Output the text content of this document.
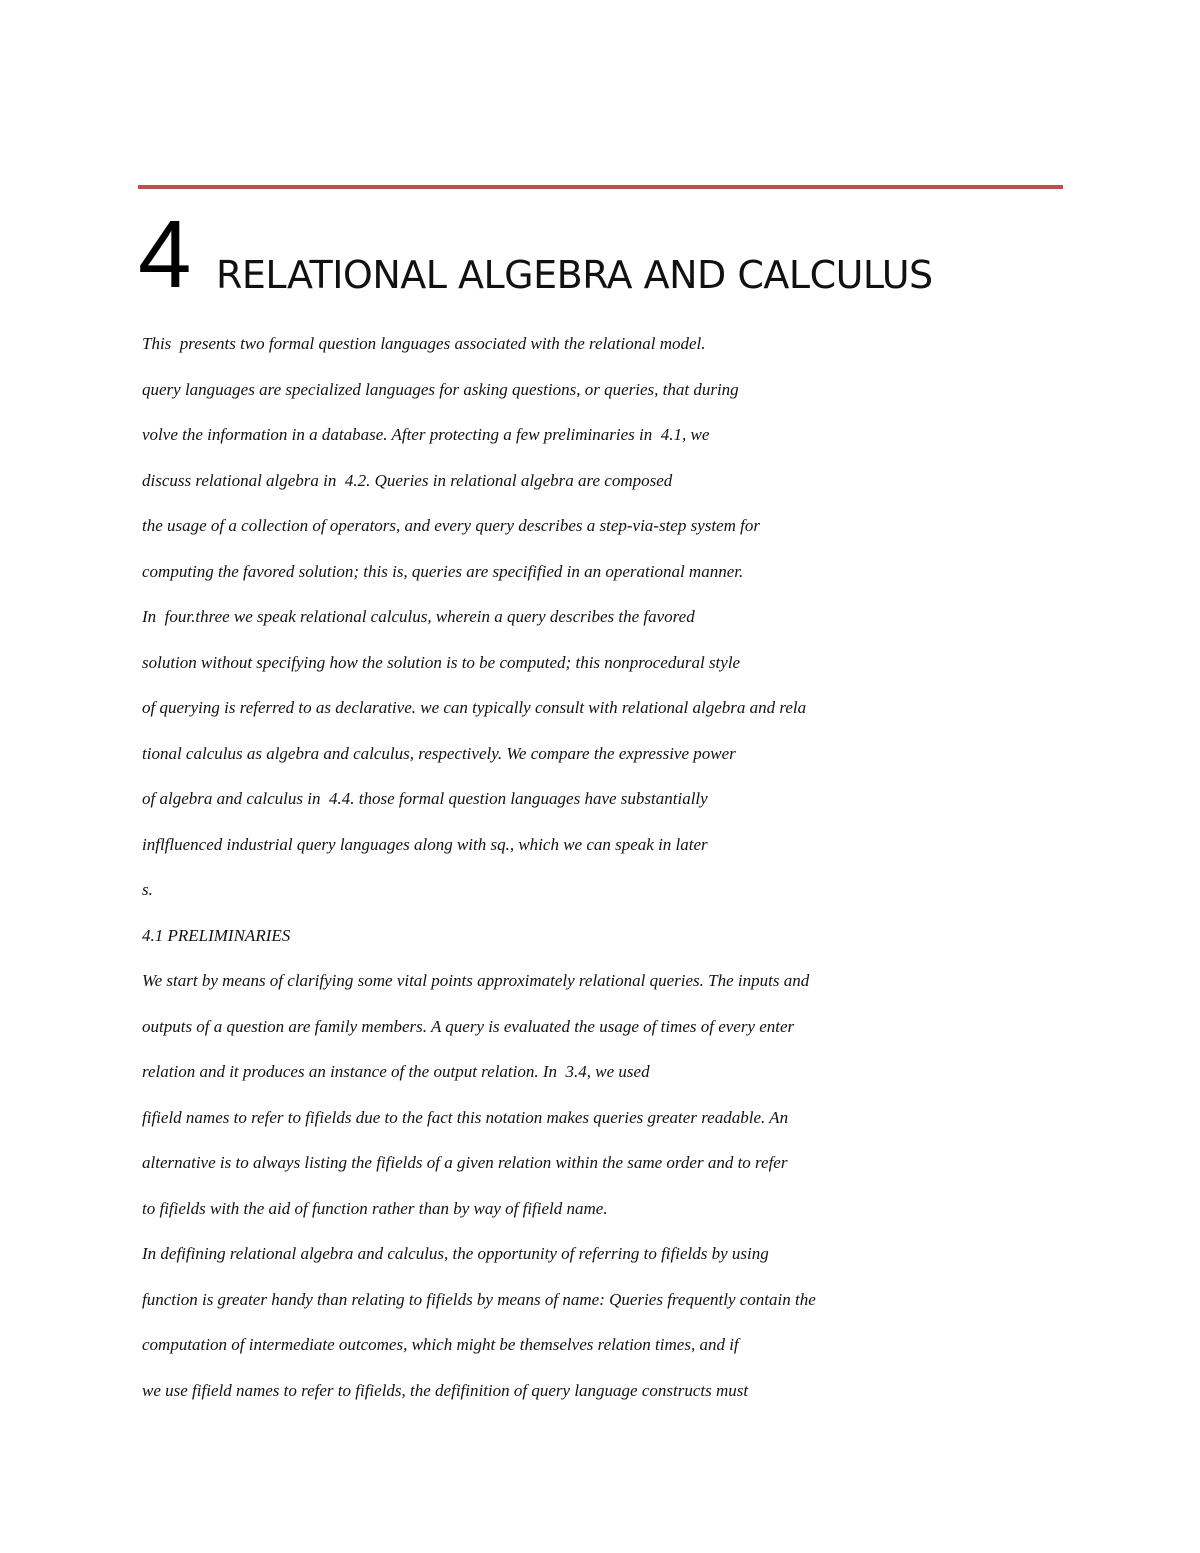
4 RELATIONAL ALGEBRA AND CALCULUS
This  presents two formal question languages associated with the relational model.
query languages are specialized languages for asking questions, or queries, that during
volve the information in a database. After protecting a few preliminaries in  4.1, we
discuss relational algebra in  4.2. Queries in relational algebra are composed
the usage of a collection of operators, and every query describes a step-via-step system for
computing the favored solution; this is, queries are specifified in an operational manner.
In  four.three we speak relational calculus, wherein a query describes the favored
solution without specifying how the solution is to be computed; this nonprocedural style
of querying is referred to as declarative. we can typically consult with relational algebra and rela
tional calculus as algebra and calculus, respectively. We compare the expressive power
of algebra and calculus in  4.4. those formal question languages have substantially
inflfluenced industrial query languages along with sq., which we can speak in later
s.
4.1 PRELIMINARIES
We start by means of clarifying some vital points approximately relational queries. The inputs and
outputs of a question are family members. A query is evaluated the usage of times of every enter
relation and it produces an instance of the output relation. In  3.4, we used
fifield names to refer to fifields due to the fact this notation makes queries greater readable. An
alternative is to always listing the fifields of a given relation within the same order and to refer
to fifields with the aid of function rather than by way of fifield name.
In defifining relational algebra and calculus, the opportunity of referring to fifields by using
function is greater handy than relating to fifields by means of name: Queries frequently contain the
computation of intermediate outcomes, which might be themselves relation times, and if
we use fifield names to refer to fifields, the defifinition of query language constructs must
